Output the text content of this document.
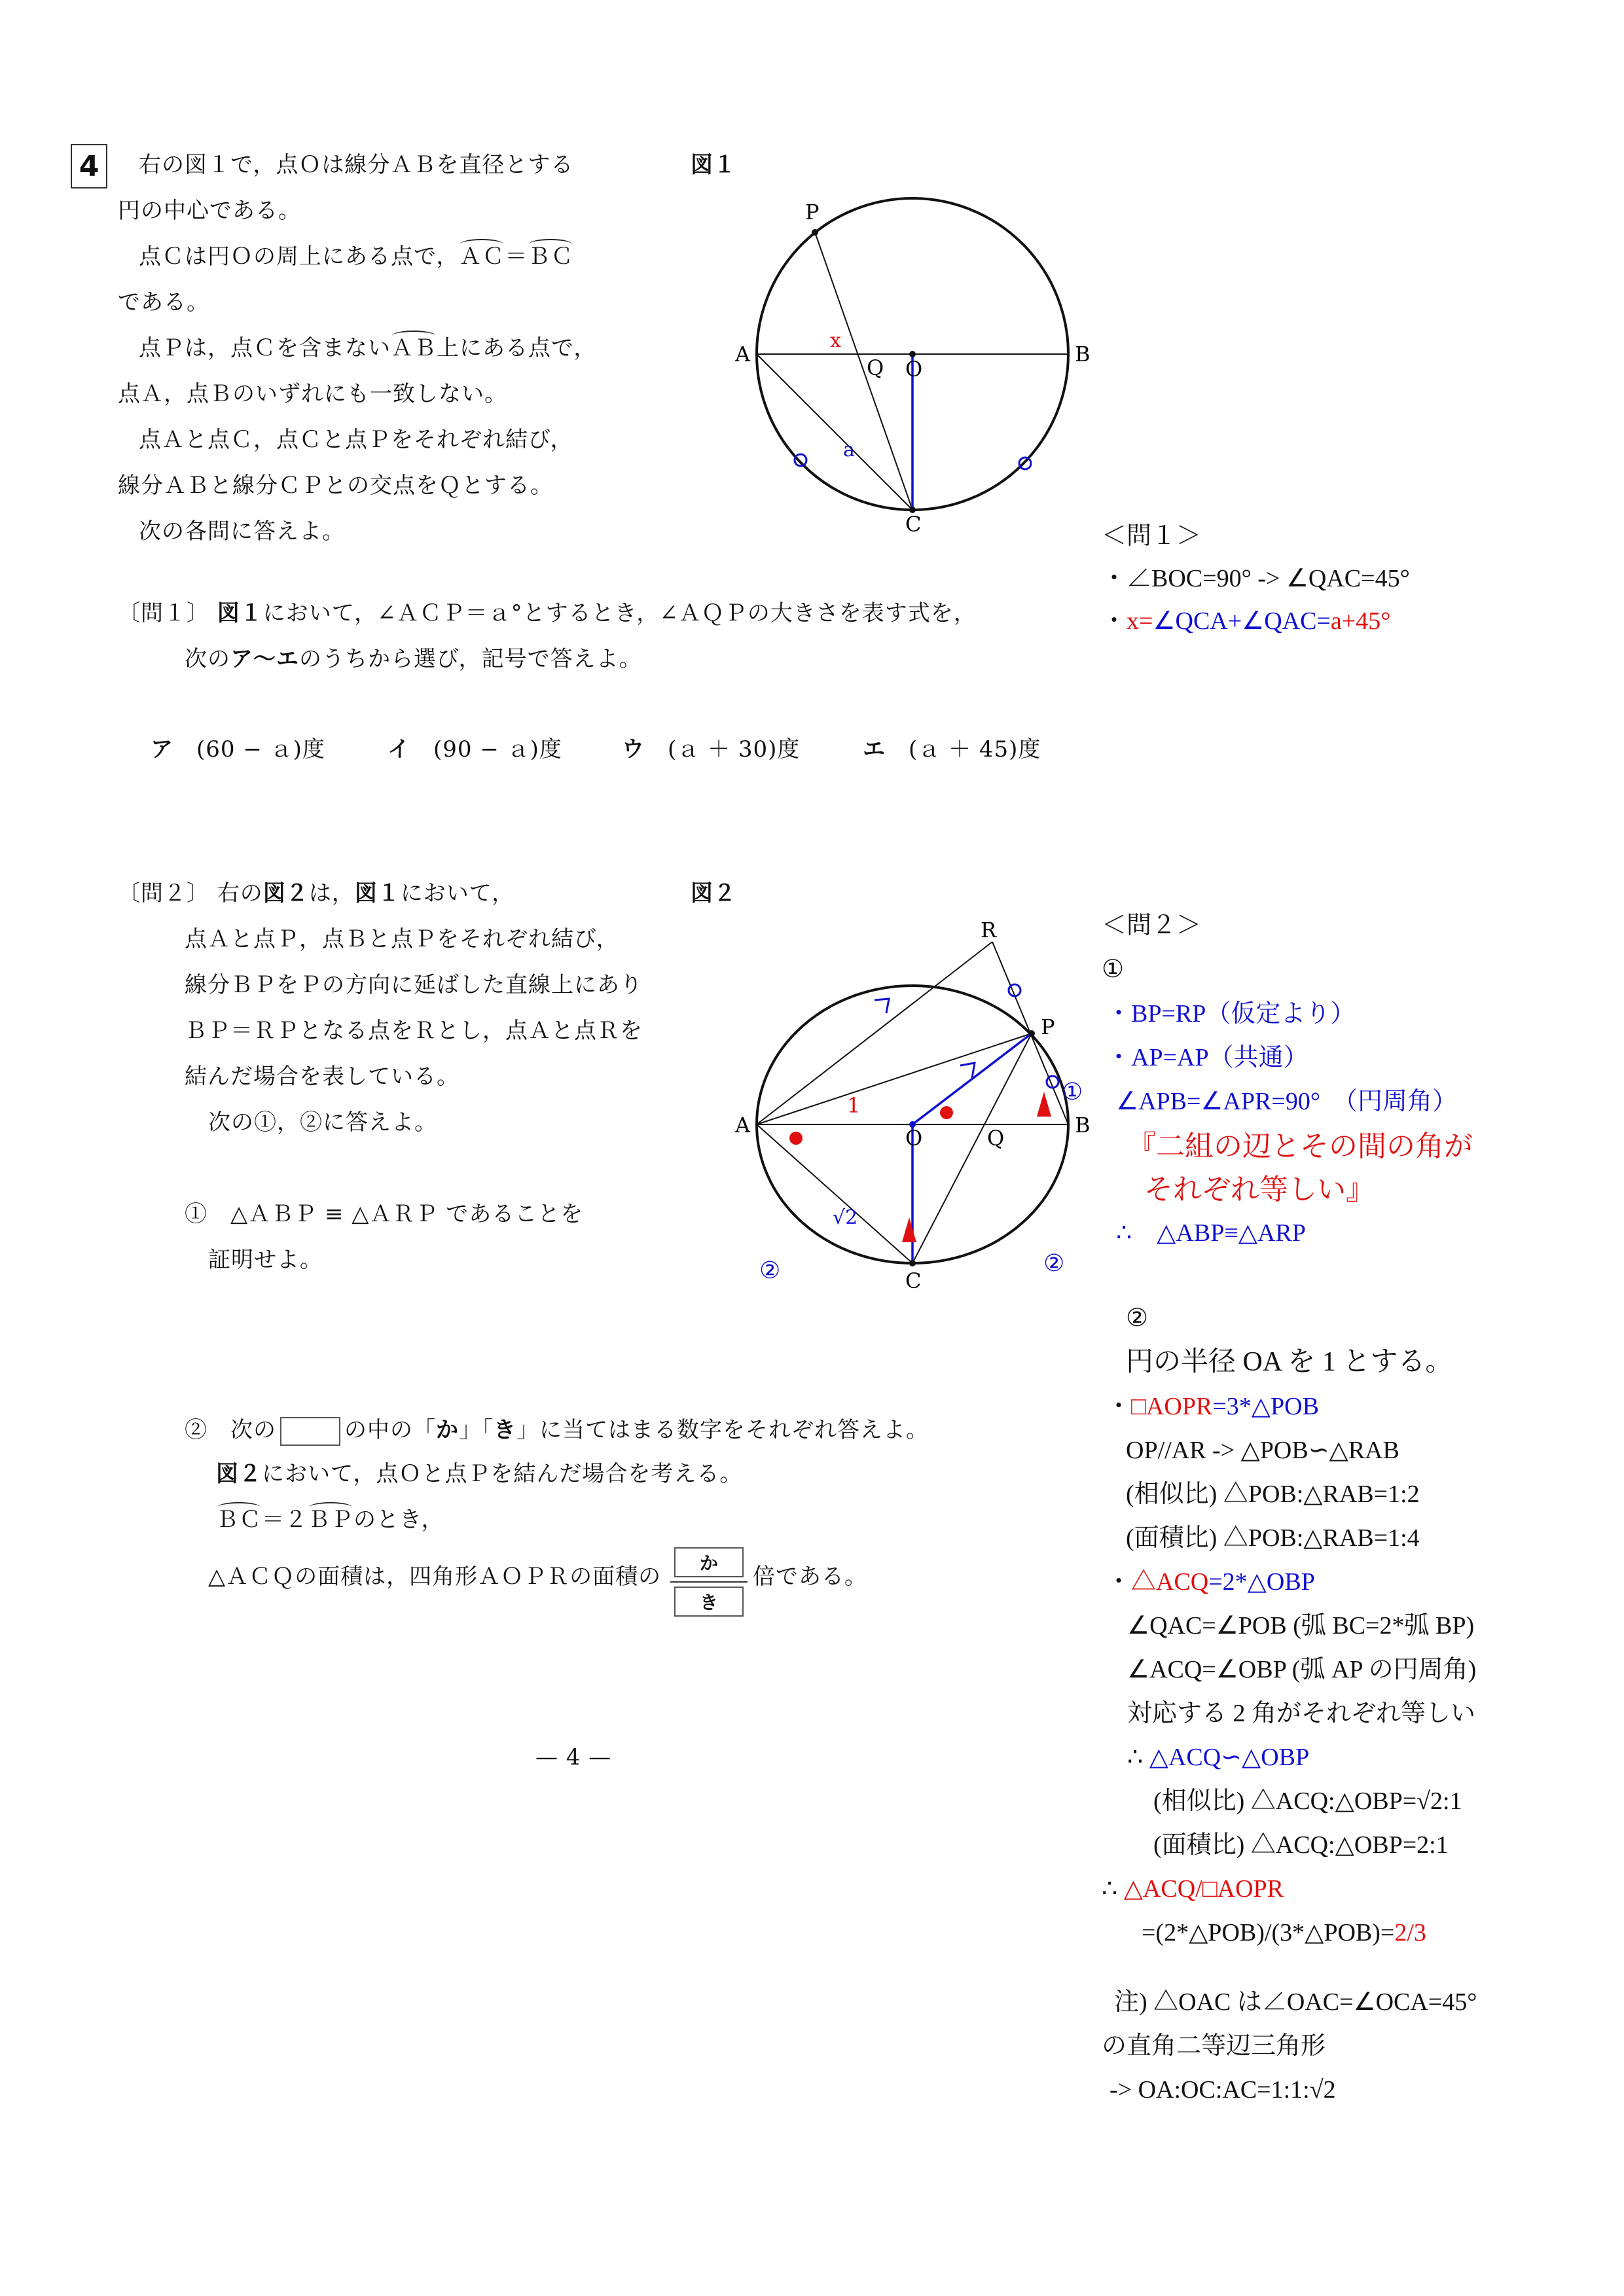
4 右の図１で，点Ｏは線分ＡＢを直径とする
円の中心である。
点Ｃは円Ｏの周上にある点で，ＡＣ＝ＢＣ
である。
点Ｐは，点Ｃを含まないＡＢ上にある点で，
点Ａ，点Ｂのいずれにも一致しない。
点Ａと点Ｃ，点Ｃと点Ｐをそれぞれ結び，
線分ＡＢと線分ＣＰとの交点をＱとする。
次の各問に答えよ。
図１
P
A	B
Q O
C
x
a
〔問１〕 図１において，∠ＡＣＰ＝ａ°とするとき，∠ＡＱＰの大きさを表す式を，
次のア〜エのうちから選び，記号で答えよ。
ア　 (60 − ａ)度	イ　 (90 − ａ)度	ウ　 (ａ ＋ 30)度	エ　 (ａ ＋ 45)度
〔問２〕 右の図２は，図１において，
点Ａと点Ｐ，点Ｂと点Ｐをそれぞれ結び，
線分ＢＰをＰの方向に延ばした直線上にあり
ＢＰ＝ＲＰとなる点をＲとし，点Ａと点Ｒを
結んだ場合を表している。
次の①，②に答えよ。
①　 △ＡＢＰ ≡ △ＡＲＰ であることを
証明せよ。
②　 次の	の中の「か」「き」に当てはまる数字をそれぞれ答えよ。
図２において，点Ｏと点Ｐを結んだ場合を考える。
ＢＣ＝２ＢＰのとき，
△ＡＣＱの面積は，四角形ＡＯＰＲの面積の
か
き
倍である。
図２
R
P
A	B
Q
O
C
1
√2
①
②	②
— 4 —
＜問１＞
・∠BOC=90° -> ∠QAC=45°
・x=∠QCA+∠QAC=a+45°
＜問２＞
①
・BP=RP（仮定より）
・AP=AP（共通）
∠APB=∠APR=90°　（円周角）
『二組の辺とその間の角が
それぞれ等しい』
∴　△ABP≡△ARP
②
円の半径 OA を 1 とする。
・□AOPR=3*△POB
OP//AR -> △POB∽△RAB
(相似比) △POB:△RAB=1:2
(面積比) △POB:△RAB=1:4
・△ACQ=2*△OBP
∠QAC=∠POB (弧 BC=2*弧 BP)
∠ACQ=∠OBP (弧 AP の円周角)
対応する 2 角がそれぞれ等しい
∴ △ACQ∽△OBP
(相似比) △ACQ:△OBP=√2:1
(面積比) △ACQ:△OBP=2:1
∴ △ACQ/□AOPR
=(2*△POB)/(3*△POB)=2/3
注) △OAC は∠OAC=∠OCA=45°
の直角二等辺三角形
-> OA:OC:AC=1:1:√2
